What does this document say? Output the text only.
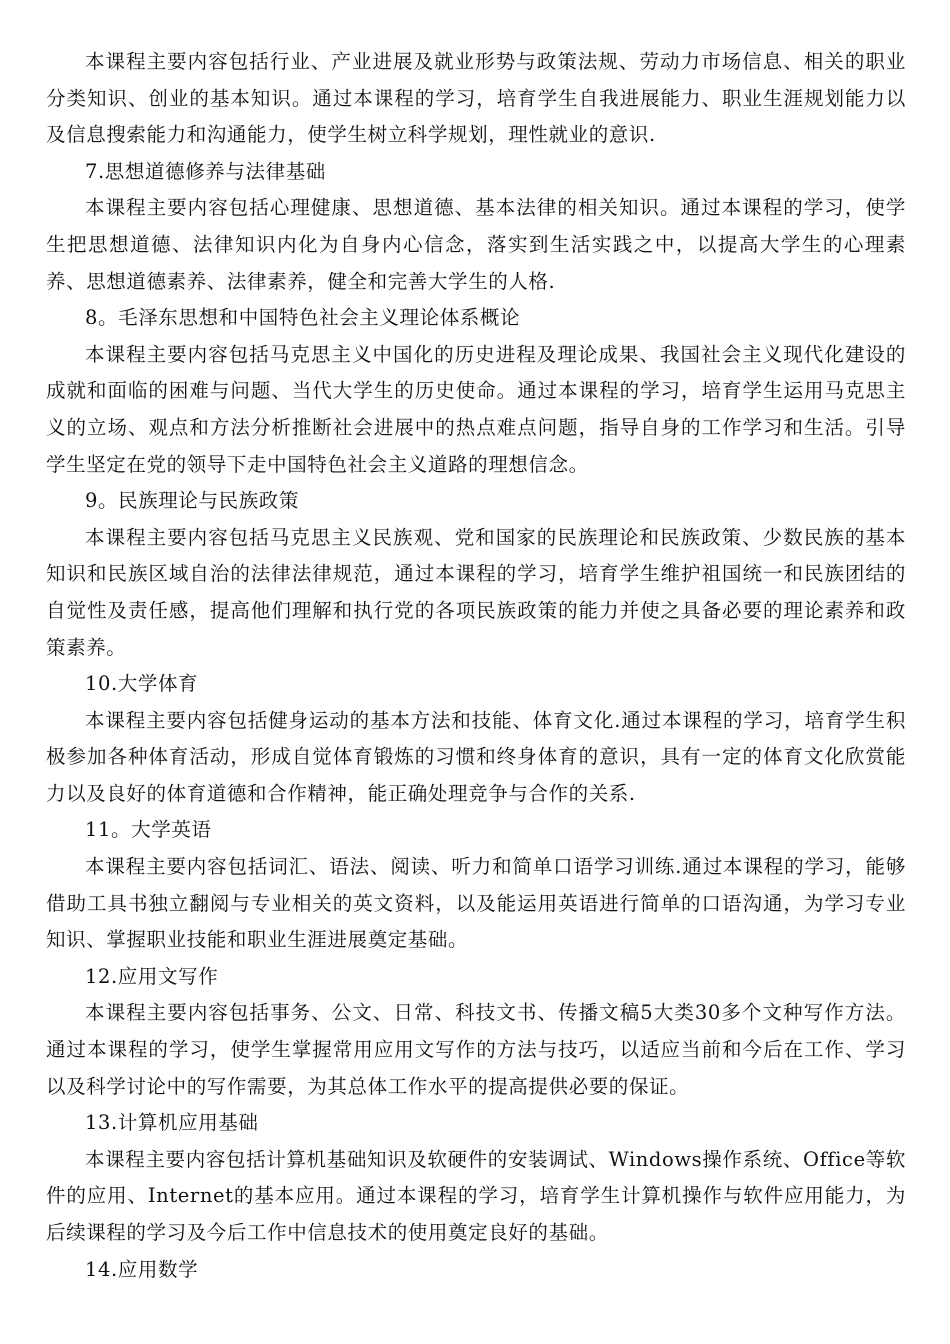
本课程主要内容包括行业、产业进展及就业形势与政策法规、劳动力市场信息、相关的职业分类知识、创业的基本知识。通过本课程的学习，培育学生自我进展能力、职业生涯规划能力以及信息搜索能力和沟通能力，使学生树立科学规划，理性就业的意识.

7.思想道德修养与法律基础

本课程主要内容包括心理健康、思想道德、基本法律的相关知识。通过本课程的学习，使学生把思想道德、法律知识内化为自身内心信念，落实到生活实践之中，以提高大学生的心理素养、思想道德素养、法律素养，健全和完善大学生的人格.

8。毛泽东思想和中国特色社会主义理论体系概论

本课程主要内容包括马克思主义中国化的历史进程及理论成果、我国社会主义现代化建设的成就和面临的困难与问题、当代大学生的历史使命。通过本课程的学习，培育学生运用马克思主义的立场、观点和方法分析推断社会进展中的热点难点问题，指导自身的工作学习和生活。引导学生坚定在党的领导下走中国特色社会主义道路的理想信念。

9。民族理论与民族政策

本课程主要内容包括马克思主义民族观、党和国家的民族理论和民族政策、少数民族的基本知识和民族区域自治的法律法律规范，通过本课程的学习，培育学生维护祖国统一和民族团结的自觉性及责任感，提高他们理解和执行党的各项民族政策的能力并使之具备必要的理论素养和政策素养。

10.大学体育

本课程主要内容包括健身运动的基本方法和技能、体育文化.通过本课程的学习，培育学生积极参加各种体育活动，形成自觉体育锻炼的习惯和终身体育的意识，具有一定的体育文化欣赏能力以及良好的体育道德和合作精神，能正确处理竞争与合作的关系.

11。大学英语

本课程主要内容包括词汇、语法、阅读、听力和简单口语学习训练.通过本课程的学习，能够借助工具书独立翻阅与专业相关的英文资料，以及能运用英语进行简单的口语沟通，为学习专业知识、掌握职业技能和职业生涯进展奠定基础。

12.应用文写作

本课程主要内容包括事务、公文、日常、科技文书、传播文稿5大类30多个文种写作方法。通过本课程的学习，使学生掌握常用应用文写作的方法与技巧，以适应当前和今后在工作、学习以及科学讨论中的写作需要，为其总体工作水平的提高提供必要的保证。

13.计算机应用基础

本课程主要内容包括计算机基础知识及软硬件的安装调试、Windows操作系统、Office等软件的应用、Internet的基本应用。通过本课程的学习，培育学生计算机操作与软件应用能力，为后续课程的学习及今后工作中信息技术的使用奠定良好的基础。

14.应用数学
